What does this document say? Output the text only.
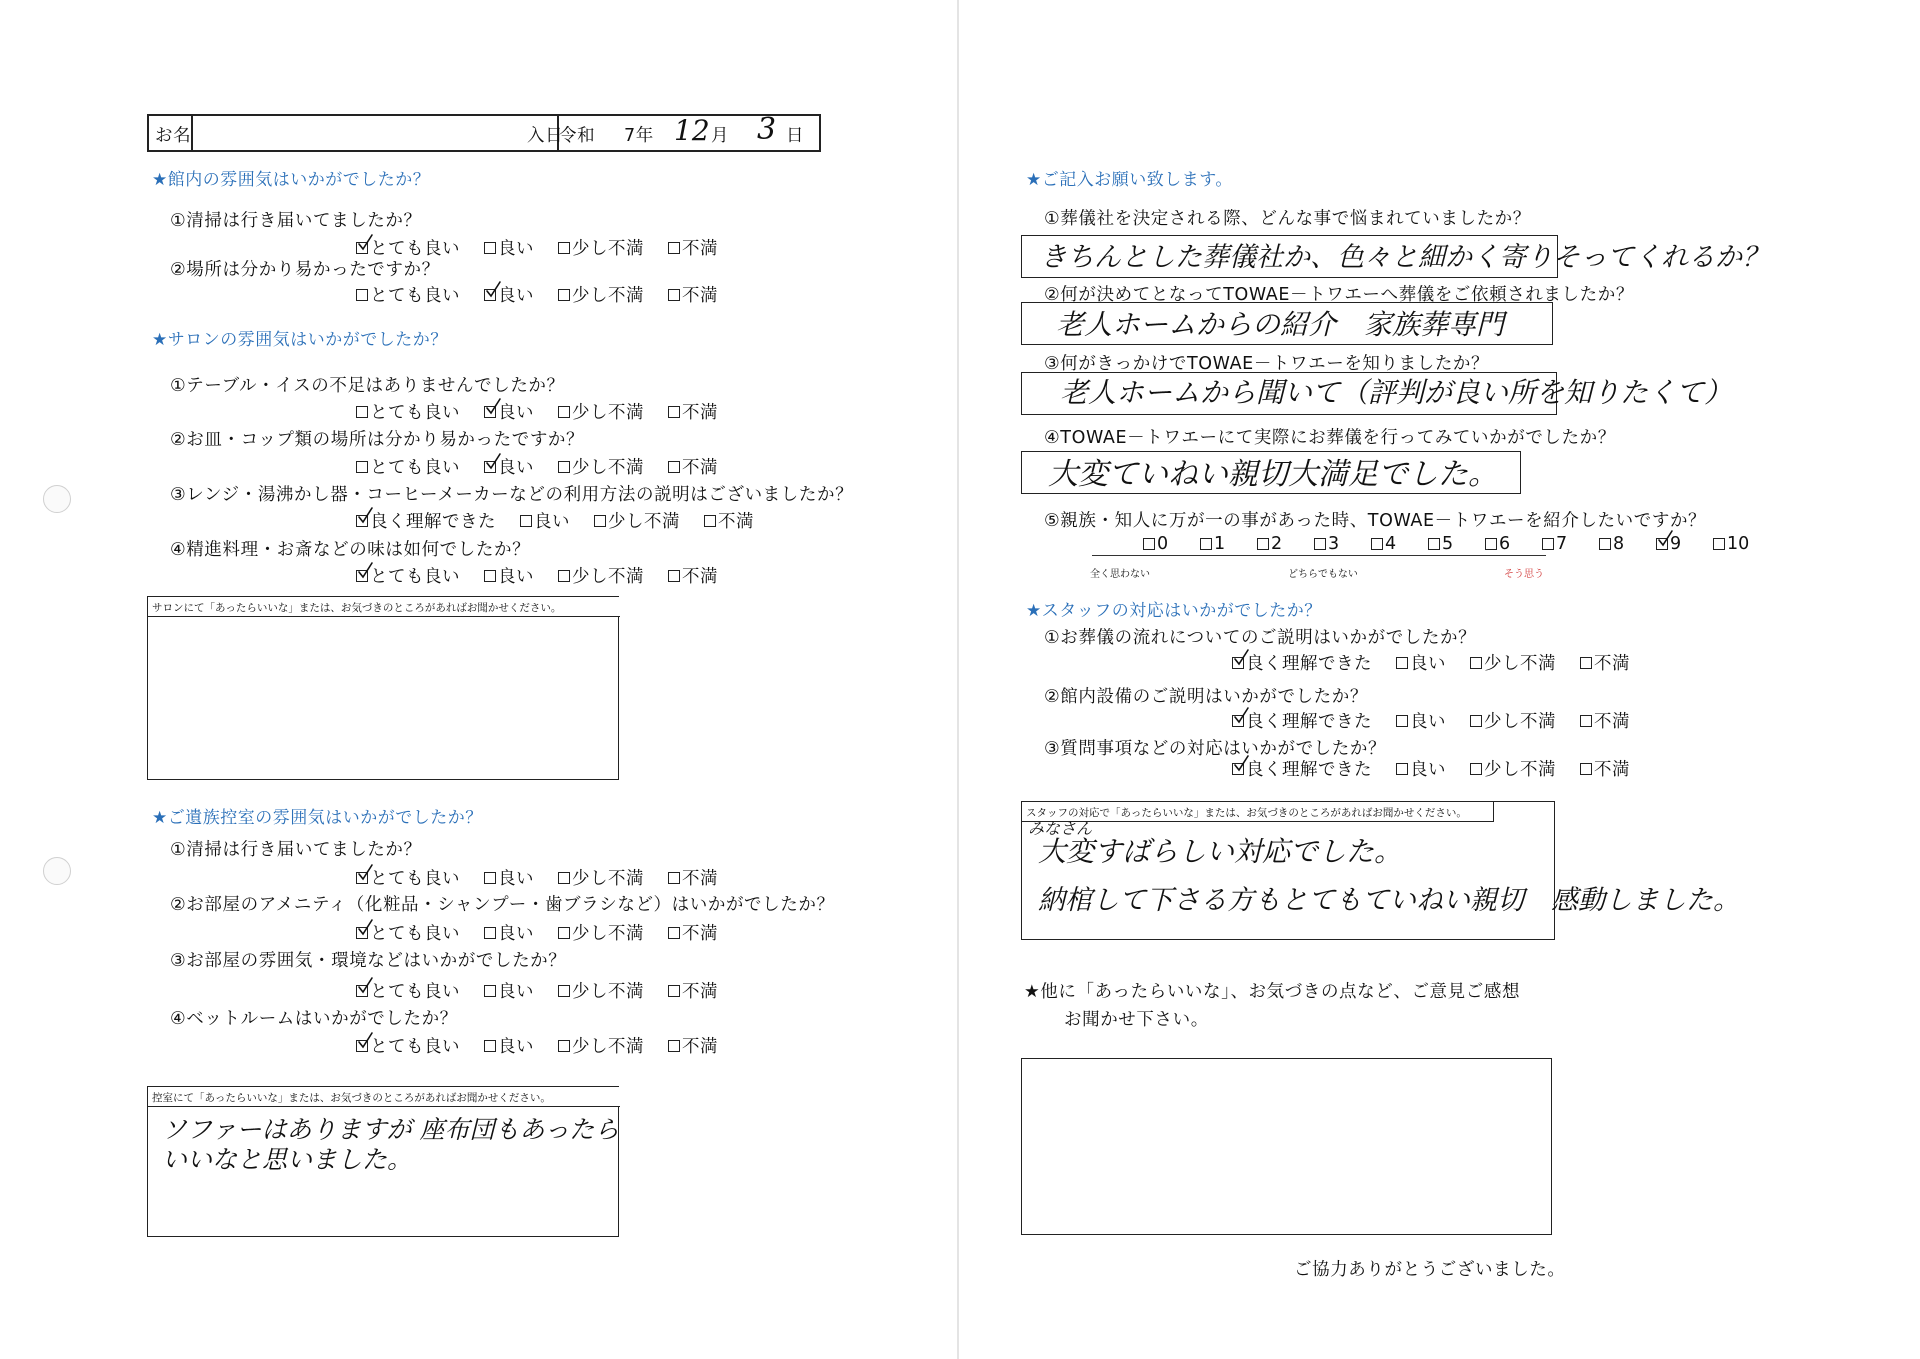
お名	入日
令和 7年 12 月 3 日
★館内の雰囲気はいかがでしたか？
①清掃は行き届いてましたか？
とても良い 良い 少し不満 不満
②場所は分かり易かったですか？
とても良い 良い 少し不満 不満
★サロンの雰囲気はいかがでしたか？
①テーブル・イスの不足はありませんでしたか？
とても良い 良い 少し不満 不満
②お皿・コップ類の場所は分かり易かったですか？
とても良い 良い 少し不満 不満
③レンジ・湯沸かし器・コーヒーメーカーなどの利用方法の説明はございましたか？
良く理解できた 良い 少し不満 不満
④精進料理・お斎などの味は如何でしたか？
とても良い 良い 少し不満 不満
サロンにて「あったらいいな」または、お気づきのところがあればお聞かせください。
★ご遺族控室の雰囲気はいかがでしたか？
①清掃は行き届いてましたか？
とても良い 良い 少し不満 不満
②お部屋のアメニティ（化粧品・シャンプー・歯ブラシなど）はいかがでしたか？
とても良い 良い 少し不満 不満
③お部屋の雰囲気・環境などはいかがでしたか？
とても良い 良い 少し不満 不満
④ベットルームはいかがでしたか？
とても良い 良い 少し不満 不満
控室にて「あったらいいな」または、お気づきのところがあればお聞かせください。
ソファーはありますが 座布団もあったら
いいなと思いました。
★ご記入お願い致します。
①葬儀社を決定される際、どんな事で悩まれていましたか？
きちんとした葬儀社か、色々と細かく寄りそってくれるか？
②何が決めてとなってTOWAE－トワエーへ葬儀をご依頼されましたか？
老人ホームからの紹介　家族葬専門
③何がきっかけでTOWAE－トワエーを知りましたか？
老人ホームから聞いて（評判が良い所を知りたくて）
④TOWAE－トワエーにて実際にお葬儀を行ってみていかがでしたか？
大変ていねい親切大満足でした。
⑤親族・知人に万が一の事があった時、TOWAE－トワエーを紹介したいですか？
0	1	2	3	4	5	6	7	8	9	10
全く思わない	どちらでもない	そう思う
★スタッフの対応はいかがでしたか？
①お葬儀の流れについてのご説明はいかがでしたか？
良く理解できた 良い 少し不満 不満
②館内設備のご説明はいかがでしたか？
良く理解できた 良い 少し不満 不満
③質問事項などの対応はいかがでしたか？
良く理解できた 良い 少し不満 不満
スタッフの対応で「あったらいいな」または、お気づきのところがあればお聞かせください。
みなさん
大変すばらしい対応でした。
納棺して下さる方もとてもていねい親切　感動しました。
★他に「あったらいいな」、お気づきの点など、ご意見ご感想
お聞かせ下さい。
ご協力ありがとうございました。
